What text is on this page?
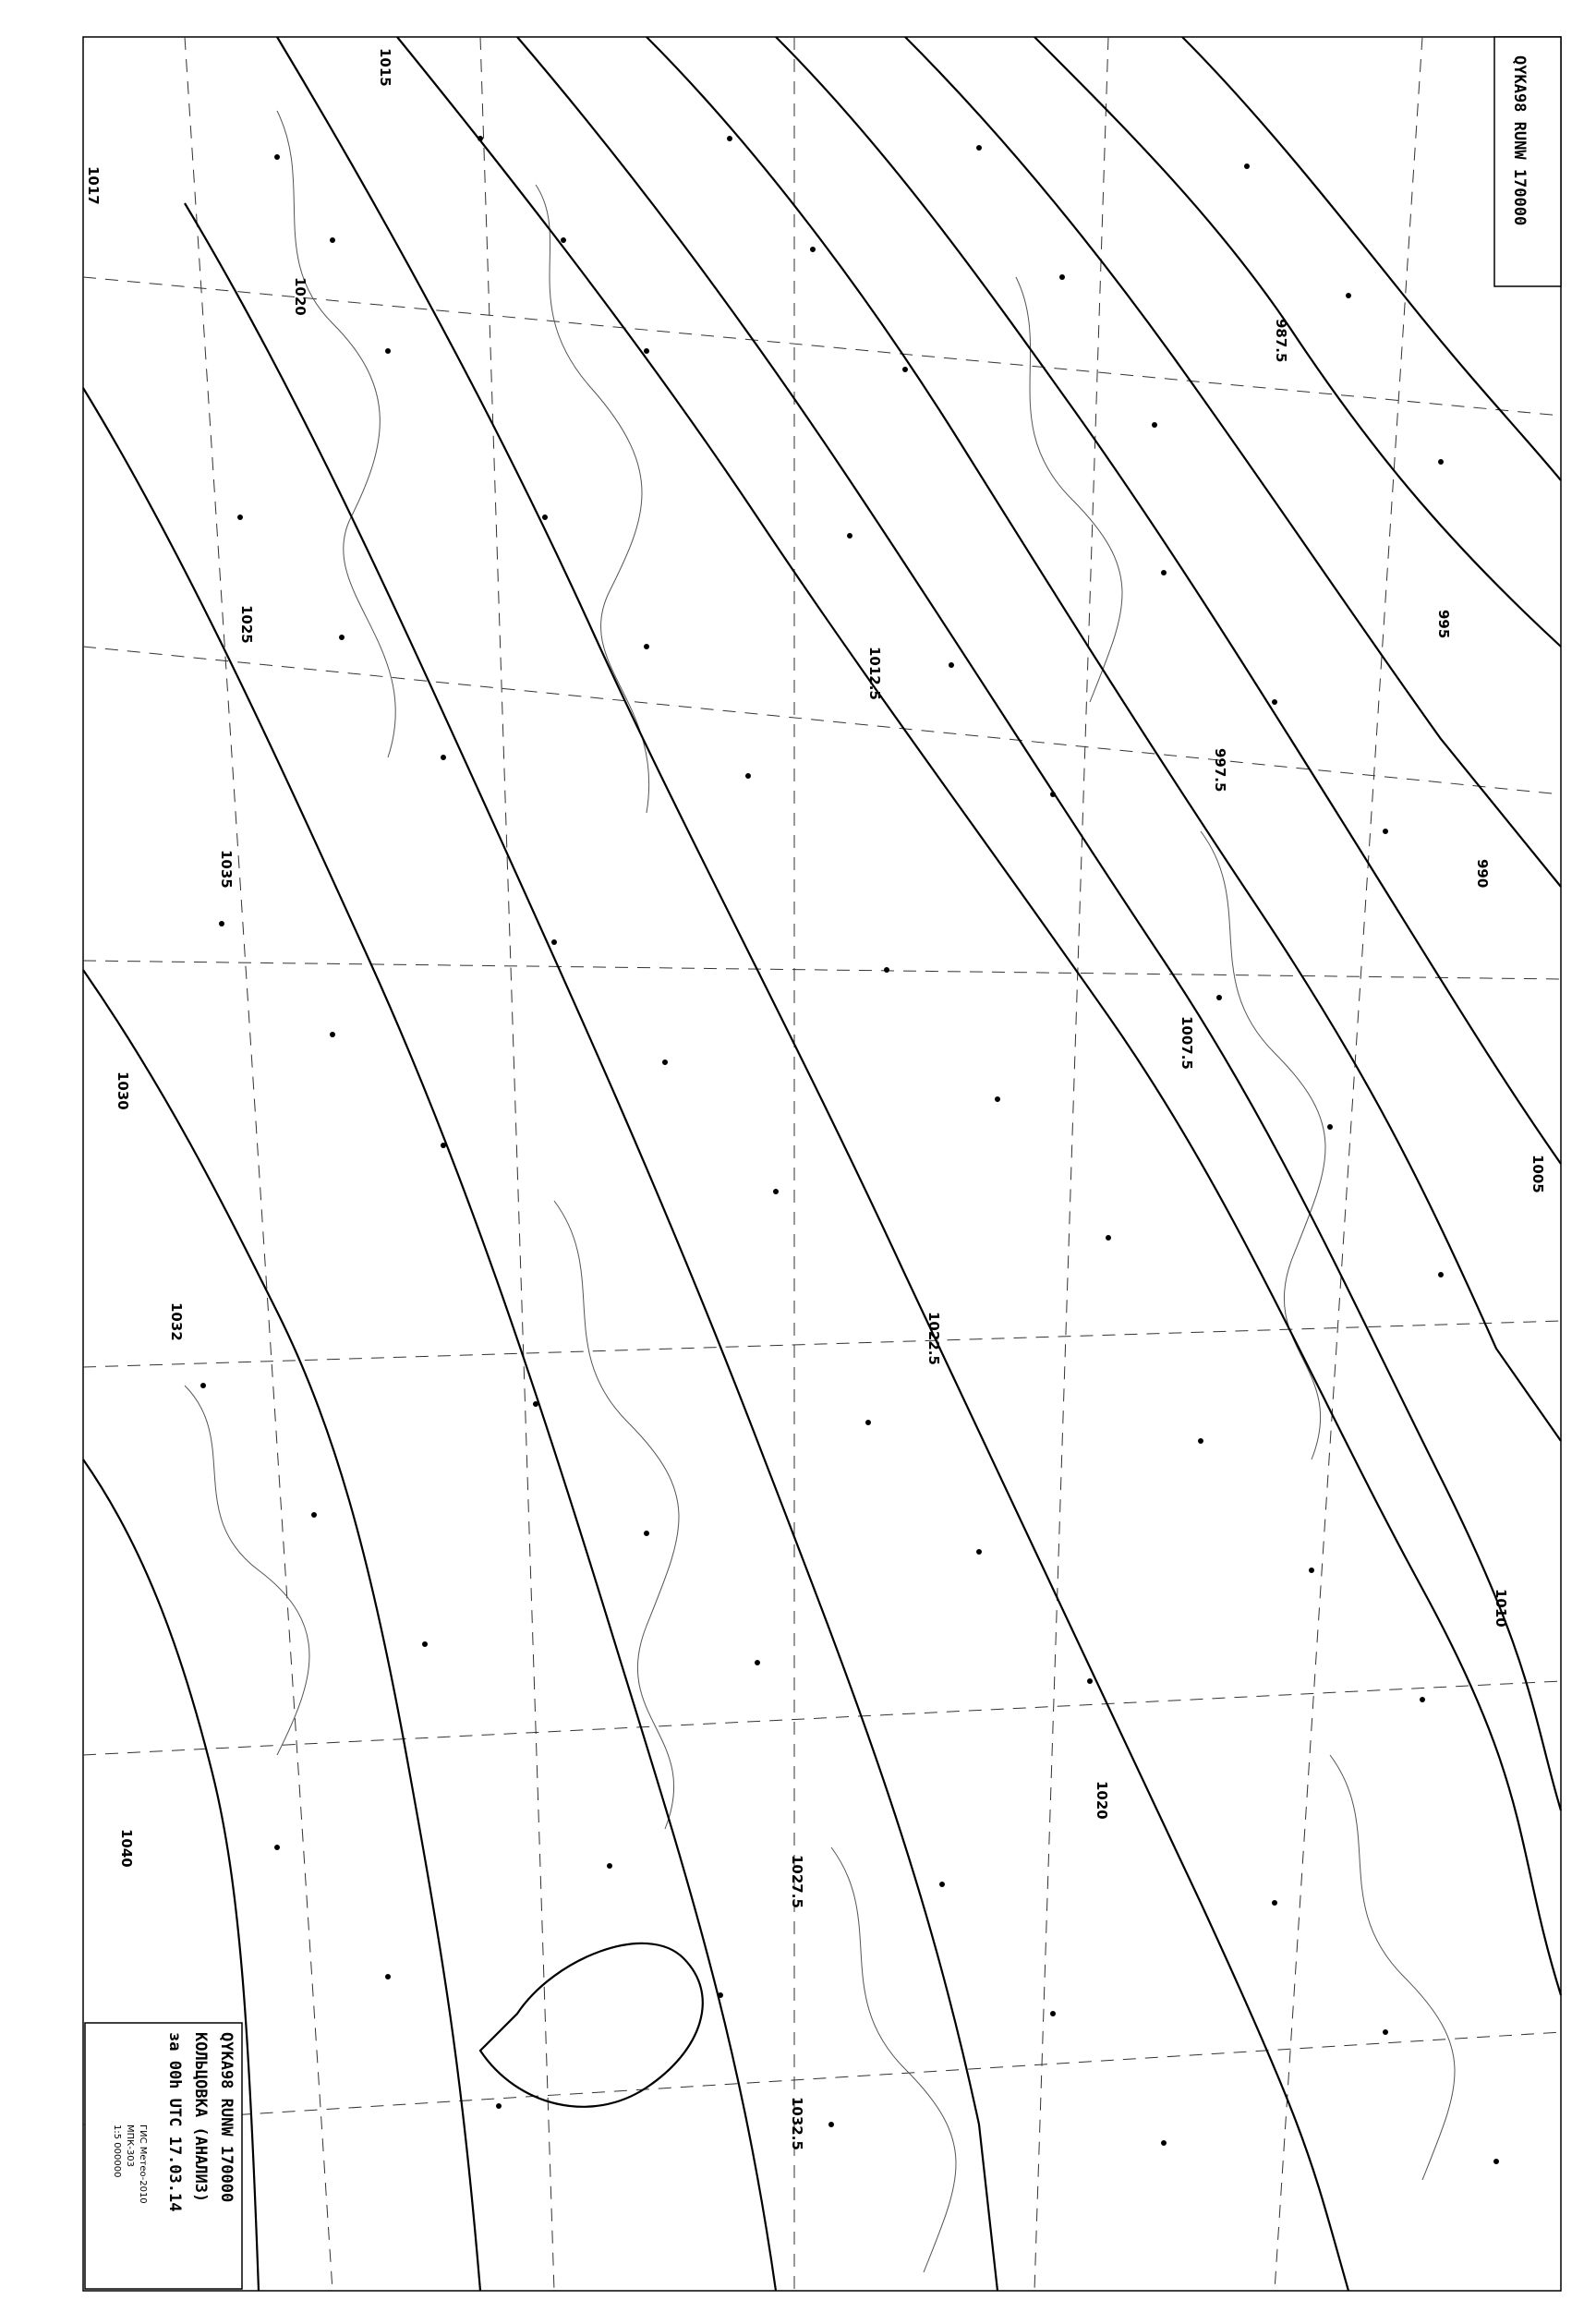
1015
1017
1020
1025
1030
1032
1035
1040
1032.5
1027.5
1022.5
1020
1010
1007.5
1005
997.5
990
987.5
995
1012.5
QYKA98 RUNW 170000
QYKA98 RUNW 170000
КОЛЬЦОВКА (АНАЛИЗ)
за 00h UTC 17.03.14
ГИС Метео-2010
МПК-303
1:5 000000
